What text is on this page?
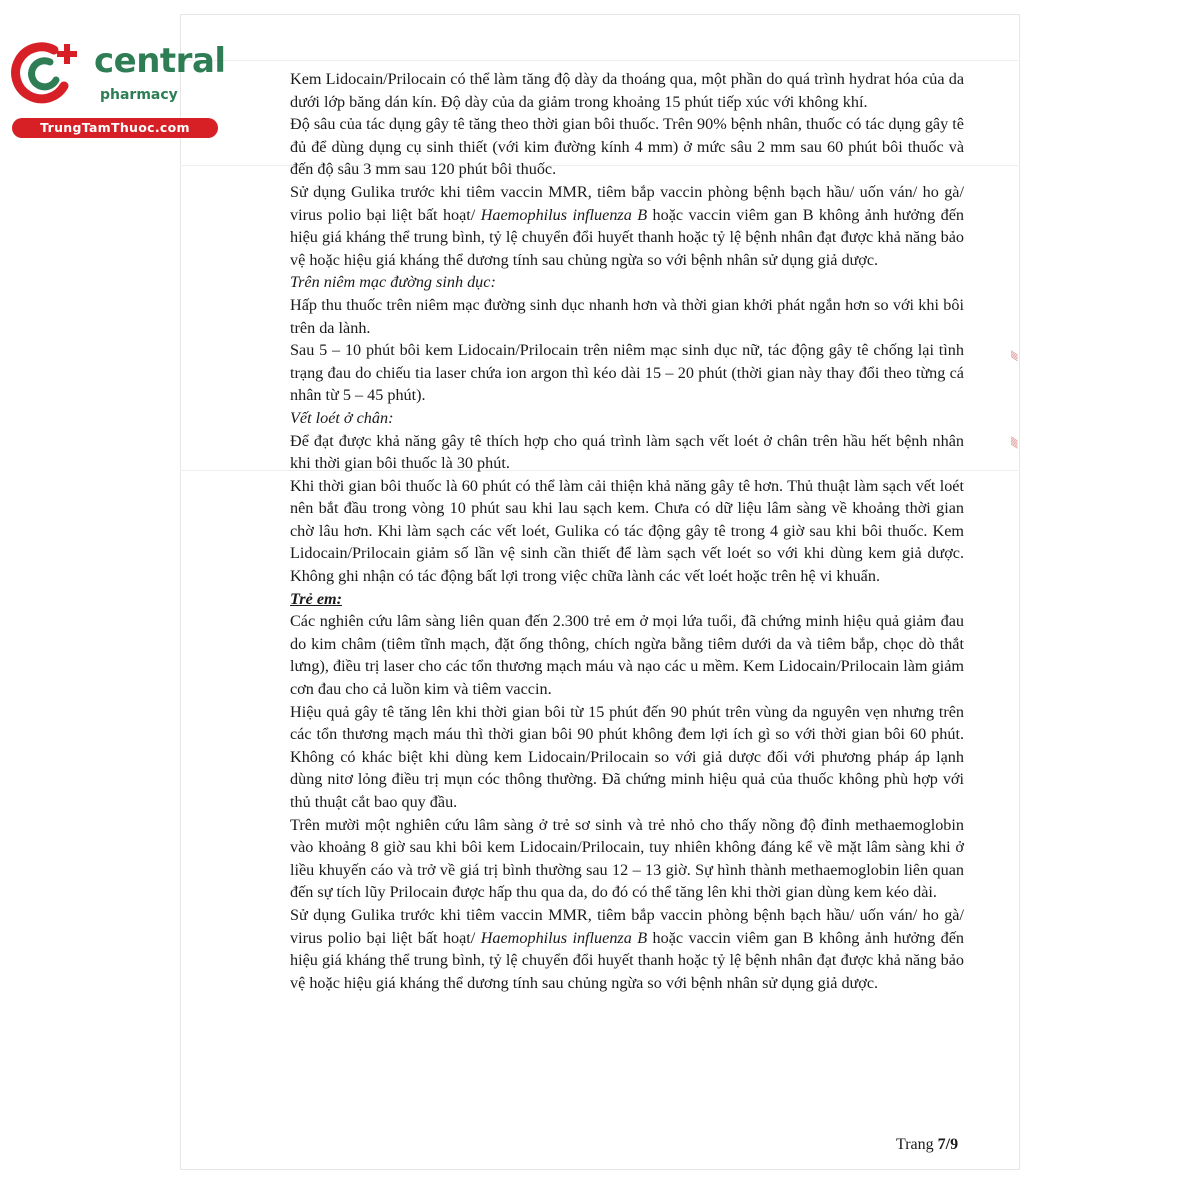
central
pharmacy
TrungTamThuoc.com
⁄⁄⁄⁄⁄
⁄⁄⁄⁄⁄⁄

Kem Lidocain/Prilocain có thể làm tăng độ dày da thoáng qua, một phần do quá trình hydrat hóa của da dưới lớp băng dán kín. Độ dày của da giảm trong khoảng 15 phút tiếp xúc với không khí.

Độ sâu của tác dụng gây tê tăng theo thời gian bôi thuốc. Trên 90% bệnh nhân, thuốc có tác dụng gây tê đủ để dùng dụng cụ sinh thiết (với kim đường kính 4 mm) ở mức sâu 2 mm sau 60 phút bôi thuốc và đến độ sâu 3 mm sau 120 phút bôi thuốc.

Sử dụng Gulika trước khi tiêm vaccin MMR, tiêm bắp vaccin phòng bệnh bạch hầu/ uốn ván/ ho gà/ virus polio bại liệt bất hoạt/ Haemophilus influenza B hoặc vaccin viêm gan B không ảnh hưởng đến hiệu giá kháng thể trung bình, tỷ lệ chuyển đổi huyết thanh hoặc tỷ lệ bệnh nhân đạt được khả năng bảo vệ hoặc hiệu giá kháng thể dương tính sau chủng ngừa so với bệnh nhân sử dụng giả dược.

Trên niêm mạc đường sinh dục:

Hấp thu thuốc trên niêm mạc đường sinh dục nhanh hơn và thời gian khởi phát ngắn hơn so với khi bôi trên da lành.

Sau 5 – 10 phút bôi kem Lidocain/Prilocain trên niêm mạc sinh dục nữ, tác động gây tê chống lại tình trạng đau do chiếu tia laser chứa ion argon thì kéo dài 15 – 20 phút (thời gian này thay đổi theo từng cá nhân từ 5 – 45 phút).

Vết loét ở chân:

Để đạt được khả năng gây tê thích hợp cho quá trình làm sạch vết loét ở chân trên hầu hết bệnh nhân khi thời gian bôi thuốc là 30 phút.

Khi thời gian bôi thuốc là 60 phút có thể làm cải thiện khả năng gây tê hơn. Thủ thuật làm sạch vết loét nên bắt đầu trong vòng 10 phút sau khi lau sạch kem. Chưa có dữ liệu lâm sàng về khoảng thời gian chờ lâu hơn. Khi làm sạch các vết loét, Gulika có tác động gây tê trong 4 giờ sau khi bôi thuốc. Kem Lidocain/Prilocain giảm số lần vệ sinh cần thiết để làm sạch vết loét so với khi dùng kem giả dược. Không ghi nhận có tác động bất lợi trong việc chữa lành các vết loét hoặc trên hệ vi khuẩn.

Trẻ em:

Các nghiên cứu lâm sàng liên quan đến 2.300 trẻ em ở mọi lứa tuổi, đã chứng minh hiệu quả giảm đau do kim châm (tiêm tĩnh mạch, đặt ống thông, chích ngừa bằng tiêm dưới da và tiêm bắp, chọc dò thắt lưng), điều trị laser cho các tổn thương mạch máu và nạo các u mềm. Kem Lidocain/Prilocain làm giảm cơn đau cho cả luồn kim và tiêm vaccin.

Hiệu quả gây tê tăng lên khi thời gian bôi từ 15 phút đến 90 phút trên vùng da nguyên vẹn nhưng trên các tổn thương mạch máu thì thời gian bôi 90 phút không đem lợi ích gì so với thời gian bôi 60 phút. Không có khác biệt khi dùng kem Lidocain/Prilocain so với giả dược đối với phương pháp áp lạnh dùng nitơ lỏng điều trị mụn cóc thông thường. Đã chứng minh hiệu quả của thuốc không phù hợp với thủ thuật cắt bao quy đầu.

Trên mười một nghiên cứu lâm sàng ở trẻ sơ sinh và trẻ nhỏ cho thấy nồng độ đỉnh methaemoglobin vào khoảng 8 giờ sau khi bôi kem Lidocain/Prilocain, tuy nhiên không đáng kể về mặt lâm sàng khi ở liều khuyến cáo và trở về giá trị bình thường sau 12 – 13 giờ. Sự hình thành methaemoglobin liên quan đến sự tích lũy Prilocain được hấp thu qua da, do đó có thể tăng lên khi thời gian dùng kem kéo dài.

Sử dụng Gulika trước khi tiêm vaccin MMR, tiêm bắp vaccin phòng bệnh bạch hầu/ uốn ván/ ho gà/ virus polio bại liệt bất hoạt/ Haemophilus influenza B hoặc vaccin viêm gan B không ảnh hưởng đến hiệu giá kháng thể trung bình, tỷ lệ chuyển đổi huyết thanh hoặc tỷ lệ bệnh nhân đạt được khả năng bảo vệ hoặc hiệu giá kháng thể dương tính sau chủng ngừa so với bệnh nhân sử dụng giả dược.

Trang 7/9
